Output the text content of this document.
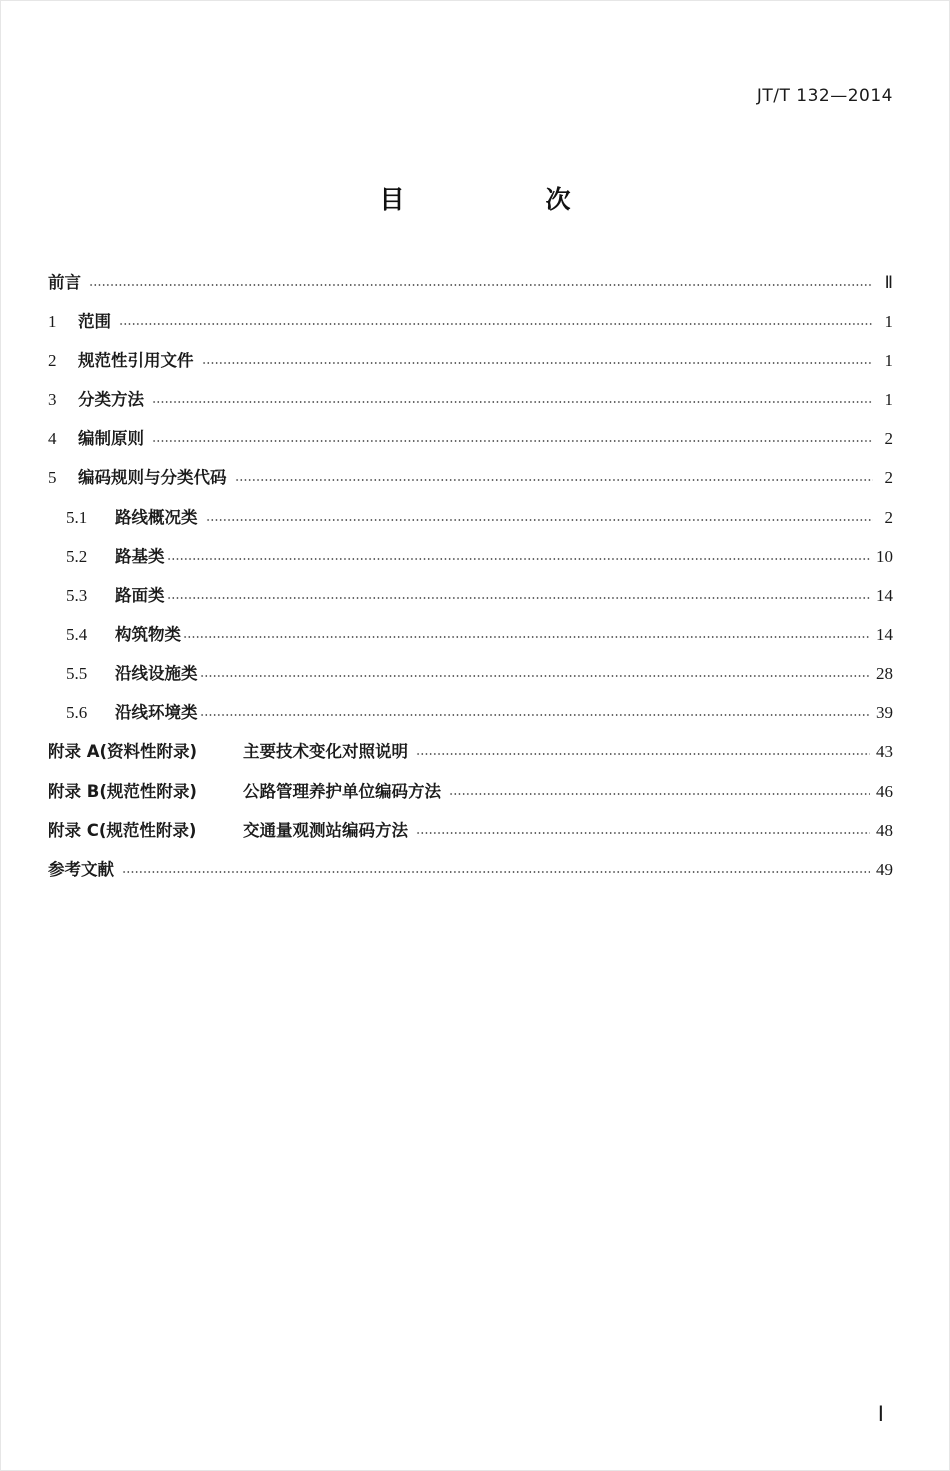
JT/T 132—2014
目　次
前言	Ⅱ
1	范围	1
2	规范性引用文件	1
3	分类方法	1
4	编制原则	2
5	编码规则与分类代码	2
5.1	路线概况类	2
5.2	路基类	10
5.3	路面类	14
5.4	构筑物类	14
5.5	沿线设施类	28
5.6	沿线环境类	39
附录 A(资料性附录)	主要技术变化对照说明	43
附录 B(规范性附录)	公路管理养护单位编码方法	46
附录 C(规范性附录)	交通量观测站编码方法	48
参考文献	49
Ⅰ
